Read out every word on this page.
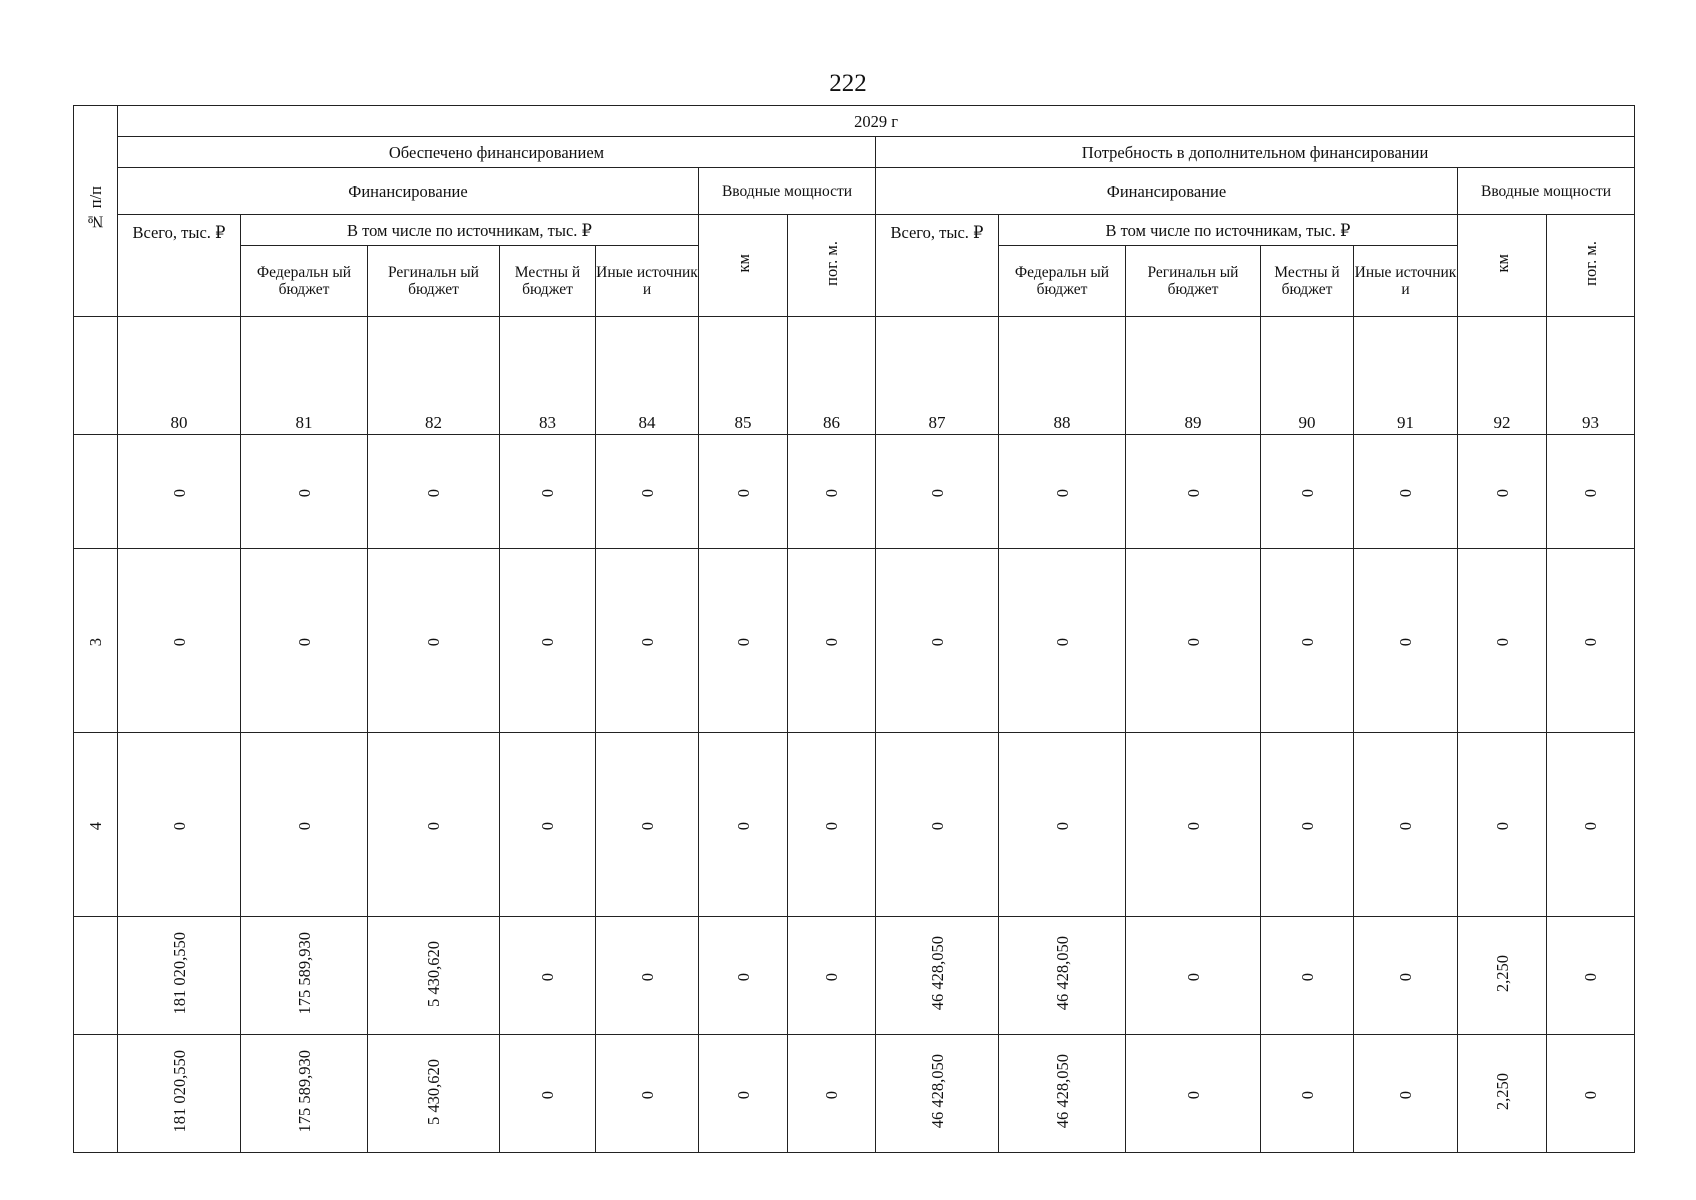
222
№ п/п	2029 г													
	Обеспечено финансированием							Потребность в дополнительном финансировании						
	Финансирование					Вводные мощности		Финансирование					Вводные мощности	
	Всего, тыс. ₽	В том числе по источникам, тыс. ₽				км	пог. м.	Всего, тыс. ₽	В том числе по источникам, тыс. ₽				км	пог. м.
		Федеральн ый бюджет	Регинальн ый бюджет	Местны й бюджет	Иные источник и				Федеральн ый бюджет	Регинальн ый бюджет	Местны й бюджет	Иные источник и		
	80	81	82	83	84	85	86	87	88	89	90	91	92	93
	0	0	0	0	0	0	0	0	0	0	0	0	0	0
3	0	0	0	0	0	0	0	0	0	0	0	0	0	0
4	0	0	0	0	0	0	0	0	0	0	0	0	0	0
	181 020,550	175 589,930	5 430,620	0	0	0	0	46 428,050	46 428,050	0	0	0	2,250	0
	181 020,550	175 589,930	5 430,620	0	0	0	0	46 428,050	46 428,050	0	0	0	2,250	0
